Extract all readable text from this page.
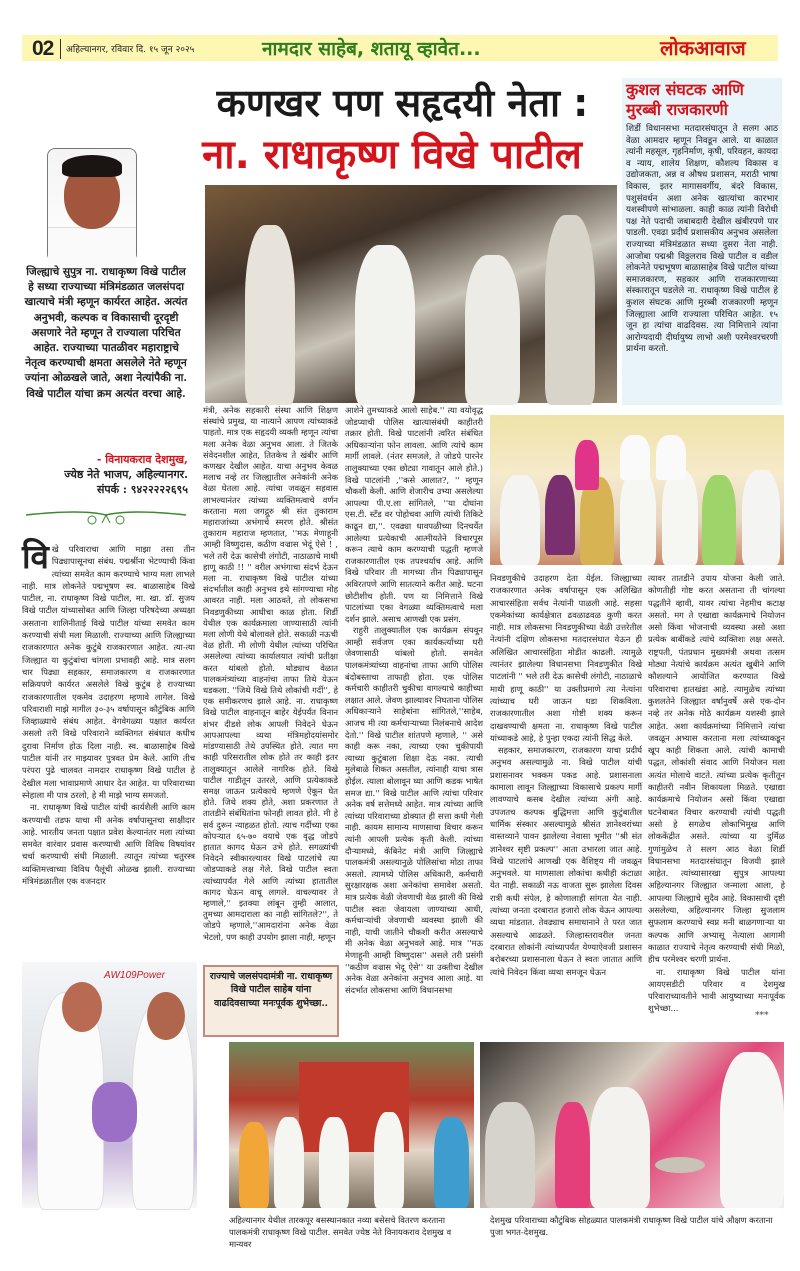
02 अहिल्यानगर, रविवार दि. १५ जून २०२५	नामदार साहेब, शतायू व्हावेत...	लोकआवाज
कणखर पण सहृदयी नेता :
ना. राधाकृष्ण विखे पाटील
कुशल संघटक आणि मुरब्बी राजकारणी
शिर्डी विधानसभा मतदारसंघातून ते सलग आठ वेळा आमदार म्हणून निवडून आले. या काळात त्यांनी महसूल, गृहनिर्माण, कृषी, परिवहन, कायदा व न्याय, शालेय शिक्षण, कौशल्य विकास व उद्योजकता, अन्न व औषध प्रशासन, मराठी भाषा विकास, इतर मागासवर्गीय, बंदरे विकास, पशुसंवर्धन अशा अनेक खात्यांचा कारभार यशस्वीपणे सांभाळला. काही काळ त्यांनी विरोधी पक्ष नेते पदाची जबाबदारी देखील खंबीरपणे पार पाडली. एवढा प्रदीर्घ प्रशासकीय अनुभव असलेला राज्याच्या मंत्रिमंडळात सध्या दुसरा नेता नाही. आजोबा पद्मश्री विठ्ठलराव विखे पाटील व वडील लोकनेते पद्मभूषण बाळासाहेब विखे पाटील यांच्या समाजकारण, सहकार आणि राजकारणाच्या संस्कारातून घडलेले ना. राधाकृष्ण विखे पाटील हे कुशल संघटक आणि मुरब्बी राजकारणी म्हणून जिल्ह्याला आणि राज्याला परिचित आहेत. १५ जून हा त्यांचा वाढदिवस. त्या निमित्ताने त्यांना आरोग्यदायी दीर्घायुष्य लाभो अशी परमेश्वरचरणी प्रार्थना करतो.
जिल्ह्याचे सुपुत्र ना. राधाकृष्ण विखे पाटील हे सध्या राज्याच्या मंत्रिमंडळात जलसंपदा खात्याचे मंत्री म्हणून कार्यरत आहेत. अत्यंत अनुभवी, कल्पक व विकासाची दूरदृष्टी असणारे नेते म्हणून ते राज्याला परिचित आहेत. राज्याच्या पातळीवर महाराष्ट्राचे नेतृत्व करण्याची क्षमता असलेले नेते म्हणून ज्यांना ओळखले जाते, अशा नेत्यांपैकी ना. विखे पाटील यांचा क्रम अत्यंत वरचा आहे.
- विनायकराव देशमुख,
ज्येष्ठ नेते भाजप, अहिल्यानगर.
संपर्क : ९४२२२२२६९५
AW109Power	राज्याचे जलसंपदामंत्री ना. राधाकृष्ण विखे पाटील साहेब यांना वाढदिवसाच्या मनःपूर्वक शुभेच्छा..
अहिल्यानगर येथील तारकपूर बसस्थानकात नव्या बसेसचे वितरण करताना पालकमंत्री राधाकृष्ण विखे पाटील. समवेत ज्येष्ठ नेते विनायकराव देशमुख व मान्यवर
देशमुख परिवाराच्या कौटुंबिक सोहळ्यात पालकमंत्री राधाकृष्ण विखे पाटील यांचे औक्षण करताना पुजा भगत-देशमुख.
वि खे परिवाराचा आणि माझा तसा तीन पिढ्यापासूनचा संबंध. पद्मश्रींना भेटण्याची किंवा त्यांच्या समवेत काम करण्याचे भाग्य मला लाभले नाही. मात्र लोकनेते पद्मभूषण स्व. बाळासाहेब विखे पाटील, ना. राधाकृष्ण विखे पाटील, मा. खा. डॉ. सुजय विखे पाटील यांच्यासोबत आणि जिल्हा परिषदेच्या अध्यक्षा असताना शालिनीताई विखे पाटील यांच्या समवेत काम करण्याची संधी मला मिळाली. राज्याच्या आणि जिल्ह्याच्या राजकारणात अनेक कुटुंबे राजकारणात आहेत. त्या-त्या जिल्ह्यात या कुटुंबांचा चांगला प्रभावही आहे. मात्र सलग चार पिढ्या सहकार, समाजकारण व राजकारणात सक्रियपणे कार्यरत असलेले विखे कुटुंब हे राज्याच्या राजकारणातील एकमेव उदाहरण म्हणावे लागेल. विखे परिवाराशी माझे मागील ३०-३५ वर्षापासून कौटुंबिक आणि जिव्हाळ्याचे संबंध आहेत. वेगवेगळ्या पक्षात कार्यरत असलो तरी विखे परिवाराने व्यक्तिगत संबंधात कधीच दुरावा निर्माण होऊ दिला नाही. स्व. बाळासाहेब विखे पाटील यांनी तर माझ्यावर पुत्रवत प्रेम केले. आणि तीच परंपरा पुढे चालवत नामदार राधाकृष्ण विखे पाटील हे देखील मला भावाप्रमाणे आधार देत आहेत. या परिवाराच्या स्नेहाला मी पात्र ठरलो, हे मी माझे भाग्य समजतो.

ना. राधाकृष्ण विखे पाटील यांची कार्यशैली आणि काम करण्याची तडफ याचा मी अनेक वर्षापासूनचा साक्षीदार आहे. भारतीय जनता पक्षात प्रवेश केल्यानंतर मला त्यांच्या समवेत वारंवार प्रवास करण्याची आणि विविध विषयांवर चर्चा करण्याची संधी मिळाली. त्यातून त्यांच्या चतुरस्त्र व्यक्तिमत्त्वाच्या विविध पैलूंची ओळख झाली. राज्याच्या मंत्रिमंडळातील एक वजनदार

मंत्री, अनेक सहकारी संस्था आणि शिक्षण संस्थांचे प्रमुख, या नात्याने आपण त्यांच्याकडे पाहतो. मात्र एक सहृदयी व्यक्ती म्हणून त्यांचा मला अनेक वेळा अनुभव आला. ते जितके संवेदनशील आहेत, तितकेच ते खंबीर आणि कणखर देखील आहेत. याचा अनुभव केवळ मलाच नव्हे तर जिल्ह्यातील अनेकांनी अनेक वेळा घेतला आहे. त्यांचा जवळून सहवास लाभल्यानंतर त्यांच्या व्यक्तिमत्वाचे वर्णन करताना मला जगद्गुरु श्री संत तुकाराम महाराजांच्या अभंगाचे स्मरण होते. श्रीसंत तुकाराम महाराज म्हणतात, ''मऊ मेणाहूनी आम्ही विष्णुदास, कठीण वज्रास भेदूं ऐसे ! , भले तरी देऊ कासेची लंगोटी, नाठाळाचे माथी हाणू काठी !! '' वरील अभंगाचा संदर्भ देऊन मला ना. राधाकृष्ण विखे पाटील यांच्या संदर्भातील काही अनुभव इथे सांगण्याचा मोह आवरत नाही. मला आठवते, तो लोकसभा निवडणुकीच्या आधीचा काळ होता. शिर्डी येथील एक कार्यक्रमाला जाण्यासाठी त्यांनी मला लोणी येथे बोलावले होते. सकाळी नऊची वेळ होती. मी लोणी येथील त्यांच्या परिचित असलेल्या त्यांच्या कार्यालयात त्यांची प्रतीक्षा करत थांबलो होतो. थोड्याच वेळात पालकमंत्र्यांच्या वाहनांचा ताफा तिथे येऊन धडकला. ''जिथे विखे तिथे लोकांची गर्दी'', हे एक समीकरणच झाले आहे. ना. राधाकृष्ण विखे पाटील वाहनातून बाहेर येईपर्यंत विनान शंभर दीडशे लोक आपली निवेदने घेऊन आपआपल्या व्यथा मंत्रिमहोदयांसमोर मांडण्यासाठी तेथे उपस्थित होते. त्यात मग काही परिसरातील लोक होते तर काही इतर तालुक्यातून आलेले नागरिक होते. विखे पाटील गाडीतून उतरले, आणि प्रत्येकाकडे समक्ष जाऊन प्रत्येकाचे म्हणणे ऐकून घेत होते. जिथे शक्य होते, अशा प्रकरणात ते तातडीने संबंधितांना फोनही लावत होते. मी हे सर्व दुरून न्याहळत होतो. त्याच गर्दीच्या एका कोपऱ्यात ६५-७० वयाचे एक वृद्ध जोडपे हातात कागद घेऊन उभे होते. सगळ्यांची निवेदने स्वीकारल्यावर विखे पाटलांचे त्या जोडप्याकडे लक्ष गेले. विखे पाटील स्वतः त्यांच्यापर्यंत गेले आणि त्यांच्या हातातील कागद घेऊन वाचू लागले. वाचल्यावर ते म्हणाले,'' इतक्या लांबून तुम्ही आलात, तुमच्या आमदाराला का नाही सांगितले?'', ते जोडपे म्हणाले,''आमदारांना अनेक वेळा भेटलो, पण काही उपयोग झाला नाही, म्हणून

आशेने तुमच्याकडे आलो साहेब.'' त्या वयोवृद्ध जोडप्याची पोलिस खात्यासंबंधी काहीतरी तक्रार होती. विखे पाटलांनी त्वरित संबंधित अधिकाऱ्यांना फोन लावला. आणि त्यांचे काम मार्गी लावले. (नंतर समजले, ते जोडपे पारनेर तालुक्याच्या एका छोट्या गावातून आले होते.) विखे पाटलांनी ,''कसे आलात?, '' म्हणून चौकशी केली. आणि शेजारीच उभ्या असलेल्या आपल्या पी.ए.ला सांगितले, ''या दोघांना एस.टी. स्टॅंड वर पोहोचवा आणि त्यांची तिकिटे काढून द्या,''. एवढ्या धावपळीच्या दिनचर्येत आलेल्या प्रत्येकाची आत्मीयतेने विचारपूस करून त्याचे काम करण्याची पद्धती म्हणजे राजकारणातील एक तपश्चर्याच आहे. आणि विखे परिवार ती मागच्या तीन पिढ्यापासून अविरतपणे आणि सातत्याने करीत आहे. घटना छोटीशीच होती. पण या निमित्ताने विखे पाटलांच्या एका वेगळ्या व्यक्तिमत्वाचे मला दर्शन झाले. असाच आणखी एक प्रसंग.

राहुरी तालुक्यातील एक कार्यक्रम संपवून आम्ही सर्वजण एका कार्यकर्त्याच्या घरी जेवणासाठी थांबलो होतो. समवेत पालकमंत्र्यांच्या वाहनांचा ताफा आणि पोलिस बंदोबस्ताचा ताफाही होता. एक पोलिस कर्मचारी काहीतरी चुकीचा वागल्याचे काहीच्या लक्षात आले. जेवण झाल्यावर निघताना पोलिस अधिकाऱ्याने साहेबांना सांगितले,''साहेब, आजच मी त्या कर्मचाऱ्याच्या निलंबनाचे आदेश देतो.'' विखे पाटील शांतपणे म्हणाले, '' असे काही करू नका, त्याच्या एका चुकीपायी त्याच्या कुटुंबाला शिक्षा देऊ नका. त्याची मुलेबाळे शिकत असतील, त्यांनाही याचा त्रास होईल. त्याला बोलावून घ्या आणि कडक भाषेत समज द्या.'' विखे पाटील आणि त्यांचा परिवार अनेक वर्ष सत्तेमध्ये आहेत. मात्र त्यांच्या आणि त्यांच्या परिवाराच्या डोक्यात ही सत्ता कधी गेली नाही. कायम सामान्य माणसाचा विचार करून त्यांनी आपली प्रत्येक कृती केली. त्यांच्या दौऱ्यामध्ये, कॅबिनेट मंत्री आणि जिल्ह्याचे पालकमंत्री असल्यानुळे पोलिसांचा मोठा ताफा असतो. त्यामध्ये पोलिस अधिकारी, कर्मचारी सुरक्षारक्षक अशा अनेकांचा समावेश असतो. मात्र प्रत्येक वेळी जेवणाची वेळ झाली की विखे पाटील स्वतः जेवायला जाण्याच्या आधी, कर्मचाऱ्यांची जेवणाची व्यवस्था झाली की नाही, याची जातीने चौकशी करीत असल्याचे मी अनेक वेळा अनुभवले आहे. मात्र ''मऊ मेणाहूनी आम्ही विष्णुदास'' असले तरी प्रसंगी ''कठीण वज्रास भेदू ऐसे'' या उक्तीचा देखील अनेक वेळा अनेकांना अनुभव आला आहे. या संदर्भात लोकसभा आणि विधानसभा

निवडणुकीचे उदाहरण देता येईल. जिल्ह्याच्या राजकारणात अनेक वर्षापासून एक अलिखित आचारसंहिता सर्वच नेत्यांनी पाळली आहे. सहसा एकमेकांच्या कार्यक्षेत्रात ढवळाढवळ कुणी करत नाही. मात्र लोकसभा निवडणुकीच्या वेळी उत्तरेतील नेत्यांनी दक्षिण लोकसभा मतदारसंघात येऊन ही अलिखित आचारसंहिता मोडीत काढली. त्यामुळे त्यानंतर झालेल्या विधानसभा निवडणुकीत विखे पाटलांनी '' भले तरी देऊ कासेची लंगोटी, नाठाळाचे माथी हाणू काठी'' या उक्तीप्रमाणे त्या नेत्यांना त्यांच्याच घरी जाऊन धडा शिकविला. राजकारणातील अशा गोष्टी शक्य करून दाखवण्याची क्षमता ना. राधाकृष्ण विखे पाटील यांच्याकडे आहे, हे पुन्हा एकदा त्यांनी सिद्ध केले.

सहकार, समाजकारण, राजकारण याचा प्रदीर्घ अनुभव असल्यामुळे ना. विखे पाटील यांची प्रशासनावर भक्कम पकड आहे. प्रशासनाला कामाला लावून जिल्ह्याच्या विकासाचे प्रकल्प मार्गी लावण्याचे कसब देखील त्यांच्या अंगी आहे. उपजतच कल्पक बुद्धिमत्ता आणि कुटुंबातील धार्मिक संस्कार असल्यामुळे श्रीसंत ज्ञानेश्वरांच्या वास्तव्याने पावन झालेल्या नेवासा भूमीत ''श्री संत ज्ञानेश्वर सृष्टी प्रकल्प'' आता उभारला जात आहे. विखे पाटलांचे आणखी एक वैशिष्ट्य मी जवळून अनुभवले. या माणसाला लोकांचा कधीही कंटाळा येत नाही. सकाळी नऊ वाजता सुरू झालेला दिवस रात्री कधी संपेल, हे कोणालाही सांगता येत नाही. त्यांच्या जनता दरबारात हजारो लोक येऊन आपल्या व्यथा मांडतात. तेवढ्याच समाधानाने ते परत जात असल्याचे आढळते. जिल्हास्तरावरील जनता दरबारात लोकांनी त्यांच्यापर्यंत येण्याऐवजी प्रशासन बरोबरच्या प्रशासनाला घेऊन ते स्वतः जातात आणि त्यांचे निवेदन किंवा व्यथा समजून घेऊन

त्यावर तातडीने उपाय योजना केली जाते. कोणतीही गोष्ट करत असताना ती चांगल्या पद्धतीने व्हावी, यावर त्यांचा नेहमीच कटाक्ष असतो. मग ते एखाद्या कार्यक्रमाचे नियोजन असो किंवा भोजनाची व्यवस्था असो अशा प्रत्येक बाबींकडे त्यांचे व्यक्तिशः लक्ष असते. राष्ट्रपती, पंतप्रधान मुख्यमंत्री अथवा तत्सम मोठ्या नेत्यांचे कार्यक्रम अत्यंत खुबीने आणि कौशल्याने आयोजित करण्यात विखे परिवाराचा हातखंडा आहे. त्यामुळेच त्यांच्या कुशलतेने जिल्ह्यात वर्षानुवर्षे असे एक-दोन नव्हे तर अनेक मोठे कार्यक्रम यशस्वी झाले आहेत. अशा कार्यक्रमांच्या निमित्ताने त्यांचा जवळून अभ्यास करताना मला त्यांच्याकडून खूप काही शिकता आले. त्यांची कामाची पद्धत, लोकांशी संवाद आणि नियोजन मला अत्यंत मोलाचे वाटते. त्यांच्या प्रत्येक कृतीतून काहीतरी नवीन शिकायला मिळते. एखाद्या कार्यक्रमाचे नियोजन असो किंवा एखाद्या घटनेबाबत विचार करण्याची त्यांची पद्धती असो हे सगळेच लोकाभिमुख आणि लोककेंद्रीत असते. त्यांच्या या दुर्मिळ गुणांमुळेच ते सलग आठ वेळा शिर्डी विधानसभा मतदारसंघातून विजयी झाले आहेत. त्यांच्यासारखा सुपुत्र आपल्या अहिल्यानगर जिल्ह्यात जन्माला आला, हे आपल्या जिल्ह्याचे सुदैव आहे. विकासाची दृष्टी असलेल्या, अहिल्यानगर जिल्हा सुजलाम सुफलाम करण्याचे स्वप्न मनी बाळगणाऱ्या या कल्पक आणि अभ्यासू नेत्याला आगामी काळात राज्याचे नेतृत्व करण्याची संधी मिळो, हीच परमेश्वर चरणी प्रार्थना.

ना. राधाकृष्ण विखे पाटील यांना आयएसडीटी परिवार व देशमुख परिवाराच्यावतीने भावी आयुष्याच्या मनःपूर्वक शुभेच्छा...

***
